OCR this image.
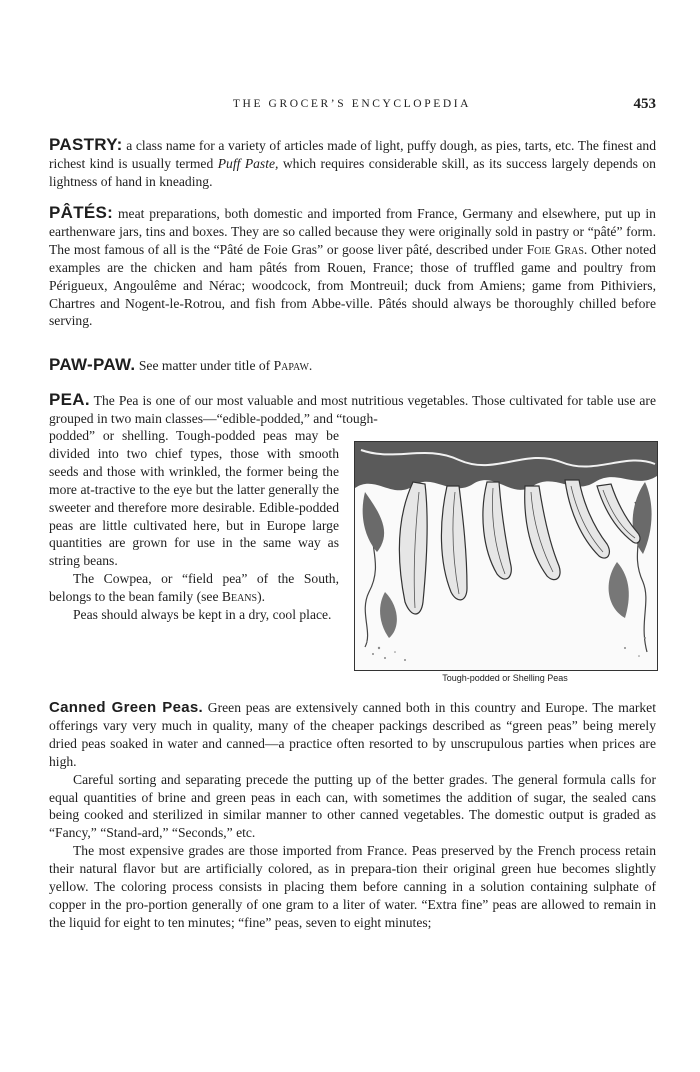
THE GROCER’S ENCYCLOPEDIA	453

PASTRY: a class name for a variety of articles made of light, puffy dough, as pies, tarts, etc. The finest and richest kind is usually termed Puff Paste, which requires considerable skill, as its success largely depends on lightness of hand in kneading.

PÂTÉS: meat preparations, both domestic and imported from France, Germany and elsewhere, put up in earthenware jars, tins and boxes. They are so called because they were originally sold in pastry or “pâté” form. The most famous of all is the “Pâté de Foie Gras” or goose liver pâté, described under Foie Gras. Other noted examples are the chicken and ham pâtés from Rouen, France; those of truffled game and poultry from Périgueux, Angoulême and Nérac; woodcock, from Montreuil; duck from Amiens; game from Pithiviers, Chartres and Nogent-le-Rotrou, and fish from Abbe-ville. Pâtés should always be thoroughly chilled before serving.

PAW-PAW. See matter under title of Papaw.

PEA. The Pea is one of our most valuable and most nutritious vegetables. Those cultivated for table use are grouped in two main classes—“edible-podded,” and “tough-

podded” or shelling. Tough-podded peas may be divided into two chief types, those with smooth seeds and those with wrinkled, the former being the more at-tractive to the eye but the latter generally the sweeter and therefore more desirable. Edible-podded peas are little cultivated here, but in Europe large quantities are grown for use in the same way as string beans.

The Cowpea, or “field pea” of the South, belongs to the bean family (see Beans).

Peas should always be kept in a dry, cool place.

Tough-podded or Shelling Peas

Canned Green Peas. Green peas are extensively canned both in this country and Europe. The market offerings vary very much in quality, many of the cheaper packings described as “green peas” being merely dried peas soaked in water and canned—a practice often resorted to by unscrupulous parties when prices are high.

Careful sorting and separating precede the putting up of the better grades. The general formula calls for equal quantities of brine and green peas in each can, with sometimes the addition of sugar, the sealed cans being cooked and sterilized in similar manner to other canned vegetables. The domestic output is graded as “Fancy,” “Stand-ard,” “Seconds,” etc.

The most expensive grades are those imported from France. Peas preserved by the French process retain their natural flavor but are artificially colored, as in prepara-tion their original green hue becomes slightly yellow. The coloring process consists in placing them before canning in a solution containing sulphate of copper in the pro-portion generally of one gram to a liter of water. “Extra fine” peas are allowed to remain in the liquid for eight to ten minutes; “fine” peas, seven to eight minutes;
